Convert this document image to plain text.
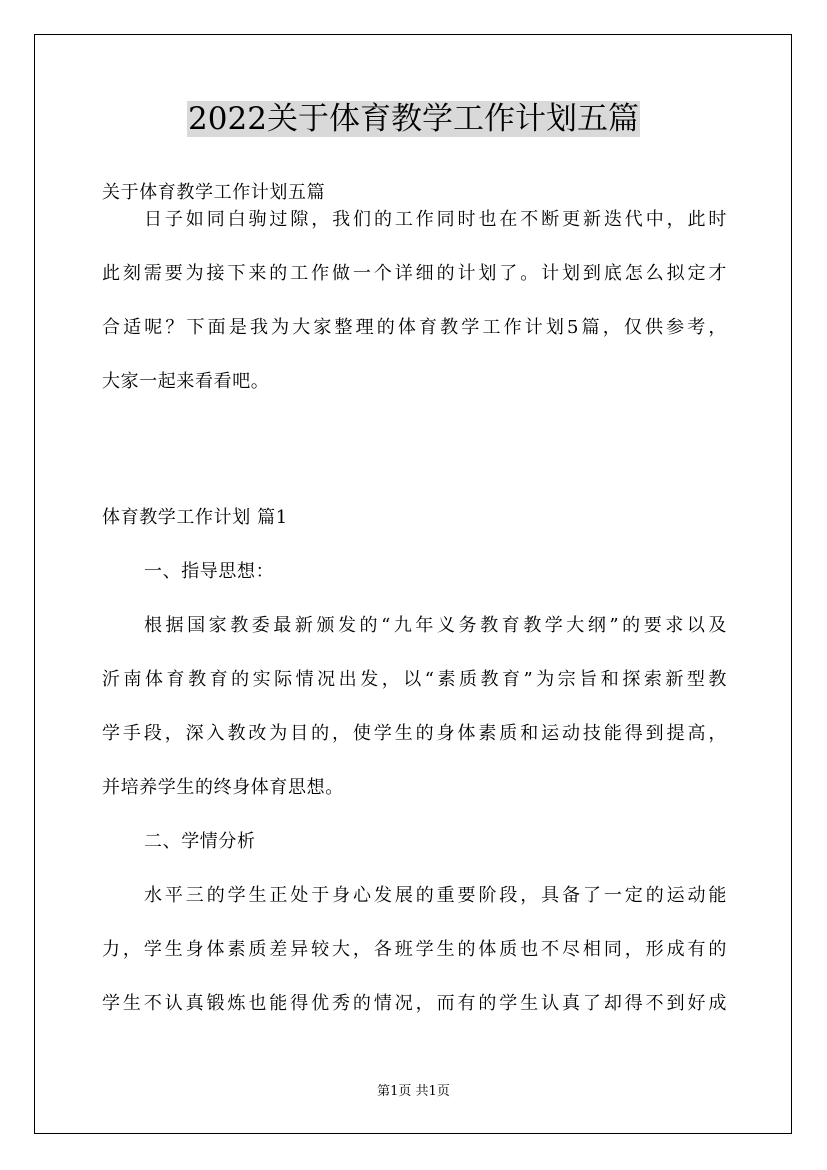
2022关于体育教学工作计划五篇
关于体育教学工作计划五篇
日子如同白驹过隙，我们的工作同时也在不断更新迭代中，此时
此刻需要为接下来的工作做一个详细的计划了。计划到底怎么拟定才
合适呢？下面是我为大家整理的体育教学工作计划5篇，仅供参考，
大家一起来看看吧。
体育教学工作计划 篇1
一、指导思想：
根据国家教委最新颁发的“九年义务教育教学大纲”的要求以及
沂南体育教育的实际情况出发，以“素质教育”为宗旨和探索新型教
学手段，深入教改为目的，使学生的身体素质和运动技能得到提高，
并培养学生的终身体育思想。
二、学情分析
水平三的学生正处于身心发展的重要阶段，具备了一定的运动能
力，学生身体素质差异较大，各班学生的体质也不尽相同，形成有的
学生不认真锻炼也能得优秀的情况，而有的学生认真了却得不到好成
第1页 共1页
